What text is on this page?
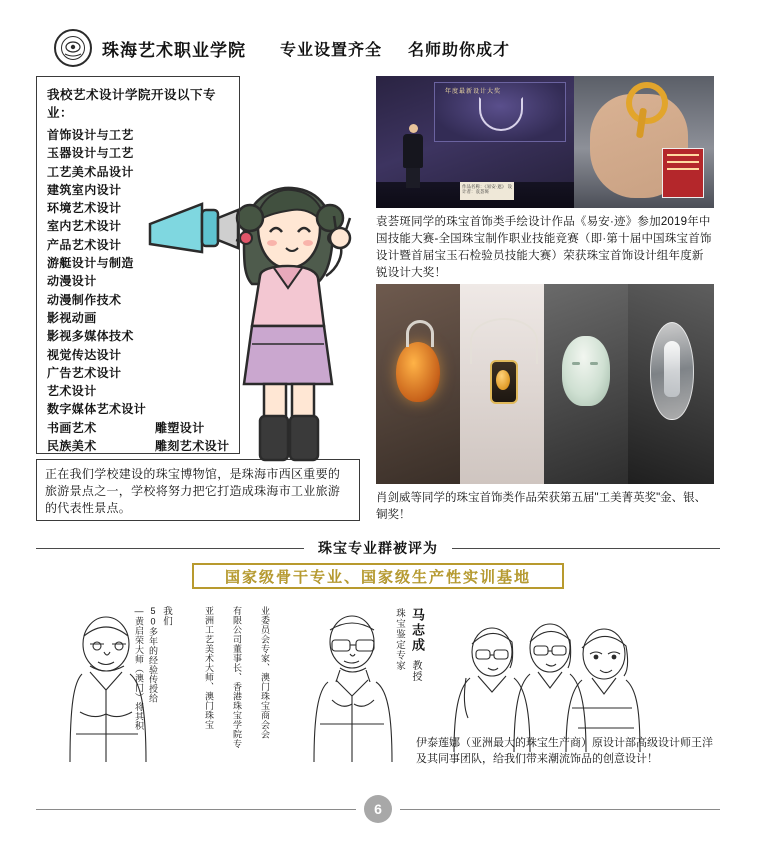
珠海艺术职业学院 专业设置齐全 名师助你成才
我校艺术设计学院开设以下专业：
首饰设计与工艺
玉器设计与工艺
工艺美术品设计
建筑室内设计
环境艺术设计
室内艺术设计
产品艺术设计
游艇设计与制造
动漫设计
动漫制作技术
影视动画
影视多媒体技术
视觉传达设计
广告艺术设计
艺术设计
数字媒体艺术设计
书画艺术	雕塑设计
民族美术	雕刻艺术设计
正在我们学校建设的珠宝博物馆，是珠海市西区重要的旅游景点之一，学校将努力把它打造成珠海市工业旅游的代表性景点。
年度最新设计大奖
作品名称：《易安·遮》 设计者：袁荟斑
袁荟斑同学的珠宝首饰类手绘设计作品《易安·迹》参加2019年中国技能大赛-全国珠宝制作职业技能竞赛（即·第十届中国珠宝首饰设计暨首届宝玉石检验员技能大赛）荣获珠宝首饰设计组年度新锐设计大奖！
肖剑威等同学的珠宝首饰类作品荣获第五届"工美菁英奖"金、银、铜奖！
珠宝专业群被评为
国家级骨干专业、国家级生产性实训基地
我们
50多年的经验传授给
—黄启荣大师（澳门）将其积	业委员会专家、澳门珠宝商会会
有限公司董事长、香港珠宝学院专
亚洲工艺美术大师、澳门珠宝	马志成
珠宝鉴定专家 教授
伊泰莲娜（亚洲最大的珠宝生产商）原设计部高级设计师王洋及其同事团队，给我们带来潮流饰品的创意设计！
6
